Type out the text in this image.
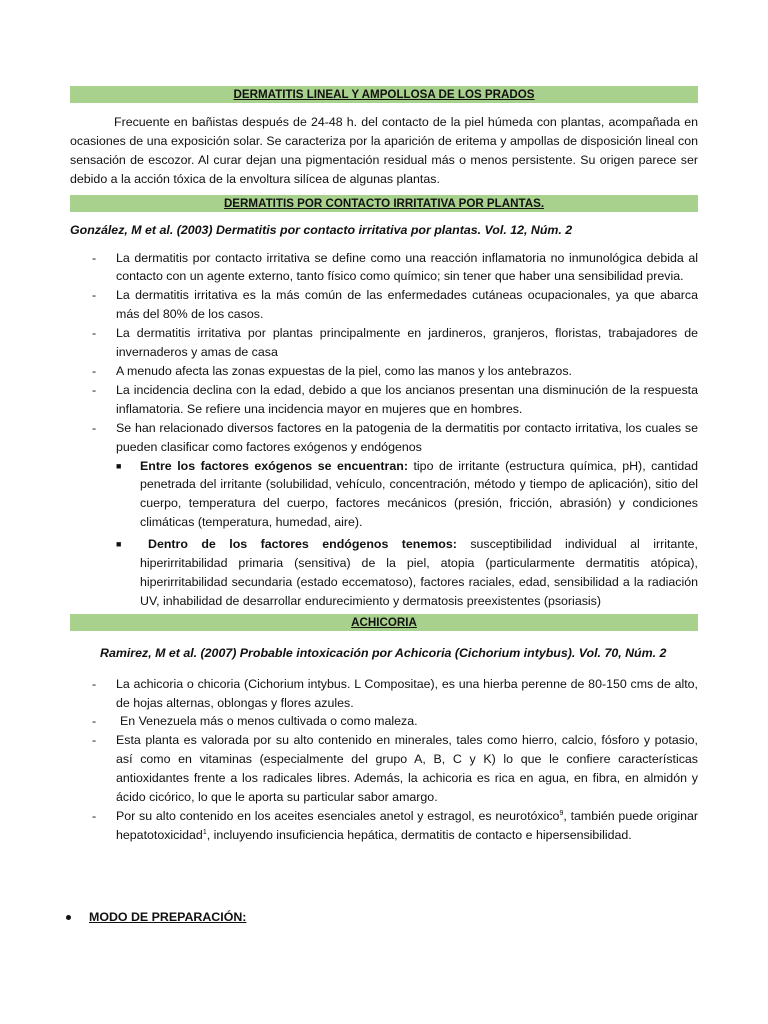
DERMATITIS LINEAL Y AMPOLLOSA DE LOS PRADOS

Frecuente en bañistas después de 24-48 h. del contacto de la piel húmeda con plantas, acompañada en ocasiones de una exposición solar. Se caracteriza por la aparición de eritema y ampollas de disposición lineal con sensación de escozor. Al curar dejan una pigmentación residual más o menos persistente. Su origen parece ser debido a la acción tóxica de la envoltura silícea de algunas plantas.

DERMATITIS POR CONTACTO IRRITATIVA POR PLANTAS.

González, M et al. (2003) Dermatitis por contacto irritativa por plantas. Vol. 12, Núm. 2

- La dermatitis por contacto irritativa se define como una reacción inflamatoria no inmunológica debida al contacto con un agente externo, tanto físico como químico; sin tener que haber una sensibilidad previa.
- La dermatitis irritativa es la más común de las enfermedades cutáneas ocupacionales, ya que abarca más del 80% de los casos.
- La dermatitis irritativa por plantas principalmente en jardineros, granjeros, floristas, trabajadores de invernaderos y amas de casa
- A menudo afecta las zonas expuestas de la piel, como las manos y los antebrazos.
- La incidencia declina con la edad, debido a que los ancianos presentan una disminución de la respuesta inflamatoria. Se refiere una incidencia mayor en mujeres que en hombres.
- Se han relacionado diversos factores en la patogenia de la dermatitis por contacto irritativa, los cuales se pueden clasificar como factores exógenos y endógenos
■ Entre los factores exógenos se encuentran: tipo de irritante (estructura química, pH), cantidad penetrada del irritante (solubilidad, vehículo, concentración, método y tiempo de aplicación), sitio del cuerpo, temperatura del cuerpo, factores mecánicos (presión, fricción, abrasión) y condiciones climáticas (temperatura, humedad, aire).
■ Dentro de los factores endógenos tenemos: susceptibilidad individual al irritante, hiperirritabilidad primaria (sensitiva) de la piel, atopia (particularmente dermatitis atópica), hiperirritabilidad secundaria (estado eccematoso), factores raciales, edad, sensibilidad a la radiación UV, inhabilidad de desarrollar endurecimiento y dermatosis preexistentes (psoriasis)
ACHICORIA

Ramirez, M et al. (2007) Probable intoxicación por Achicoria (Cichorium intybus). Vol. 70, Núm. 2

- La achicoria o chicoria (Cichorium intybus. L Compositae), es una hierba perenne de 80-150 cms de alto, de hojas alternas, oblongas y flores azules.
- En Venezuela más o menos cultivada o como maleza.
- Esta planta es valorada por su alto contenido en minerales, tales como hierro, calcio, fósforo y potasio, así como en vitaminas (especialmente del grupo A, B, C y K) lo que le confiere características antioxidantes frente a los radicales libres. Además, la achicoria es rica en agua, en fibra, en almidón y ácido cicórico, lo que le aporta su particular sabor amargo.
- Por su alto contenido en los aceites esenciales anetol y estragol, es neurotóxico$^9$, también puede originar hepatotoxicidad$^1$, incluyendo insuficiencia hepática, dermatitis de contacto e hipersensibilidad.
MODO DE PREPARACIÓN:
